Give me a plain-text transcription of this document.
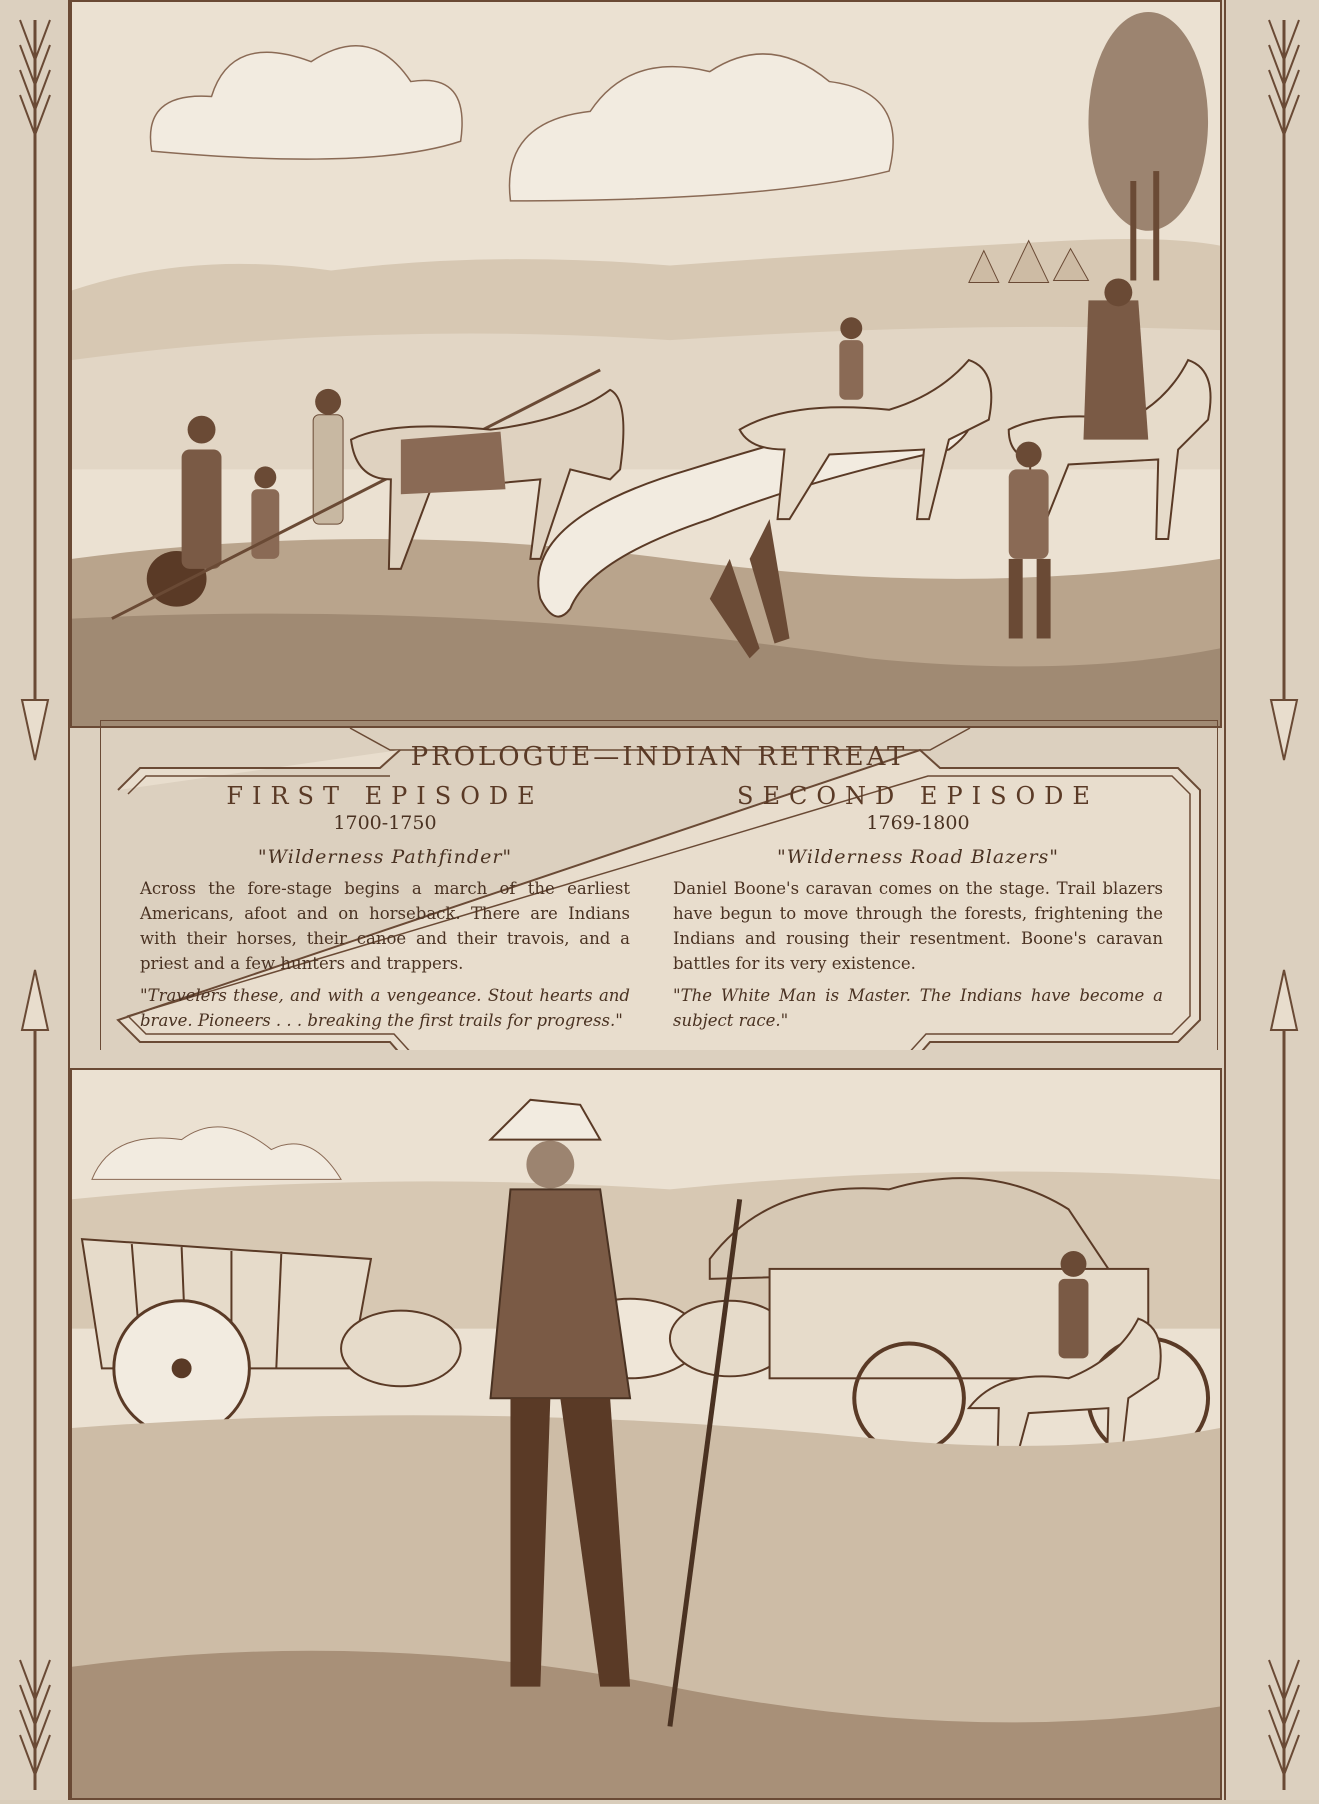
PROLOGUE—INDIAN RETREAT
FIRST EPISODE
1700-1750
"Wilderness Pathfinder"
Across the fore-stage begins a march of the earliest Americans, afoot and on horseback. There are Indians with their horses, their canoe and their travois, and a priest and a few hunters and trappers.
"Travelers these, and with a vengeance. Stout hearts and brave. Pioneers . . . breaking the first trails for progress."
SECOND EPISODE
1769-1800
"Wilderness Road Blazers"
Daniel Boone's caravan comes on the stage. Trail blazers have begun to move through the forests, frightening the Indians and rousing their resentment. Boone's caravan battles for its very existence.
"The White Man is Master. The Indians have become a subject race."
